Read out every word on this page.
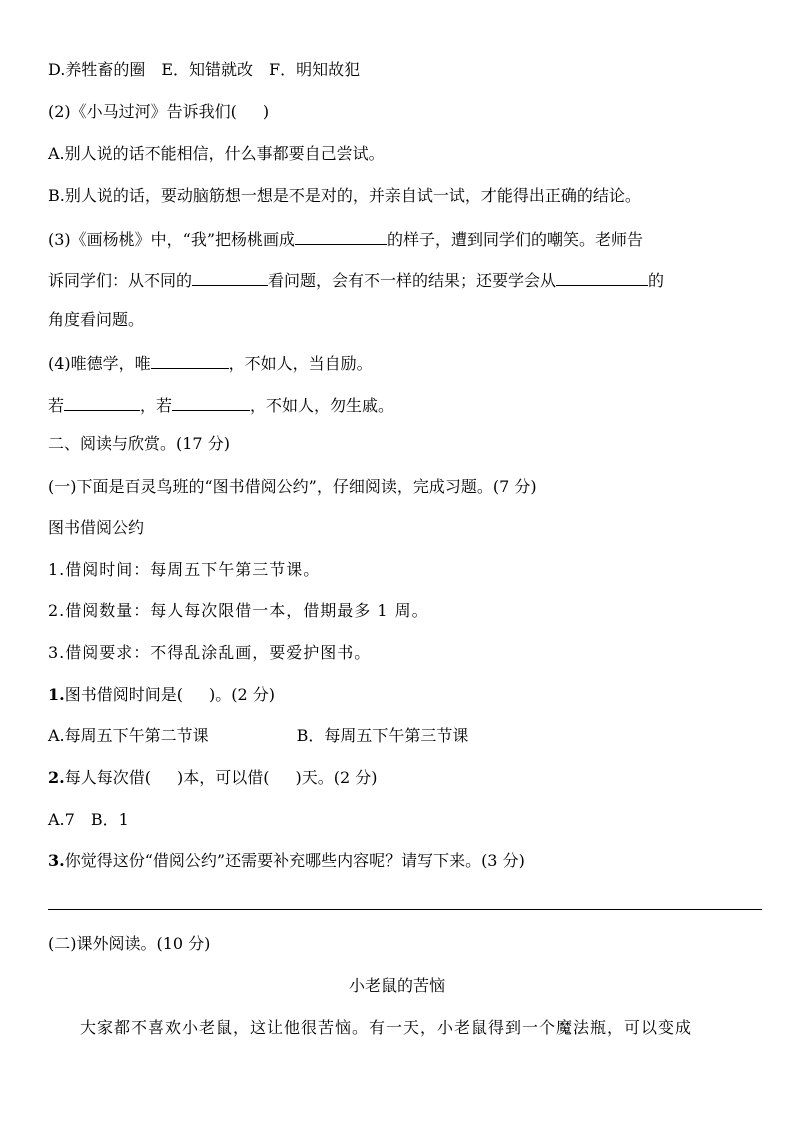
D.养牲畜的圈　E．知错就改　F．明知故犯
(2)《小马过河》告诉我们( )
A.别人说的话不能相信，什么事都要自己尝试。
B.别人说的话，要动脑筋想一想是不是对的，并亲自试一试，才能得出正确的结论。
(3)《画杨桃》中，“我”把杨桃画成	的样子，遭到同学们的嘲笑。老师告
诉同学们：从不同的	看问题，会有不一样的结果；还要学会从	的
角度看问题。
(4)唯德学，唯	，不如人，当自励。
若	，若	，不如人，勿生戚。
二、阅读与欣赏。(17 分)
(一)下面是百灵鸟班的“图书借阅公约”，仔细阅读，完成习题。(7 分)
图书借阅公约
1.借阅时间：每周五下午第三节课。
2.借阅数量：每人每次限借一本，借期最多 1 周。
3.借阅要求：不得乱涂乱画，要爱护图书。
1.图书借阅时间是( )。(2 分)
A.每周五下午第二节课	B．每周五下午第三节课
2.每人每次借( )本，可以借( )天。(2 分)
A.7　B．1
3.你觉得这份“借阅公约”还需要补充哪些内容呢？请写下来。(3 分)
(二)课外阅读。(10 分)
小老鼠的苦恼
大家都不喜欢小老鼠，这让他很苦恼。有一天，小老鼠得到一个魔法瓶，可以变成
